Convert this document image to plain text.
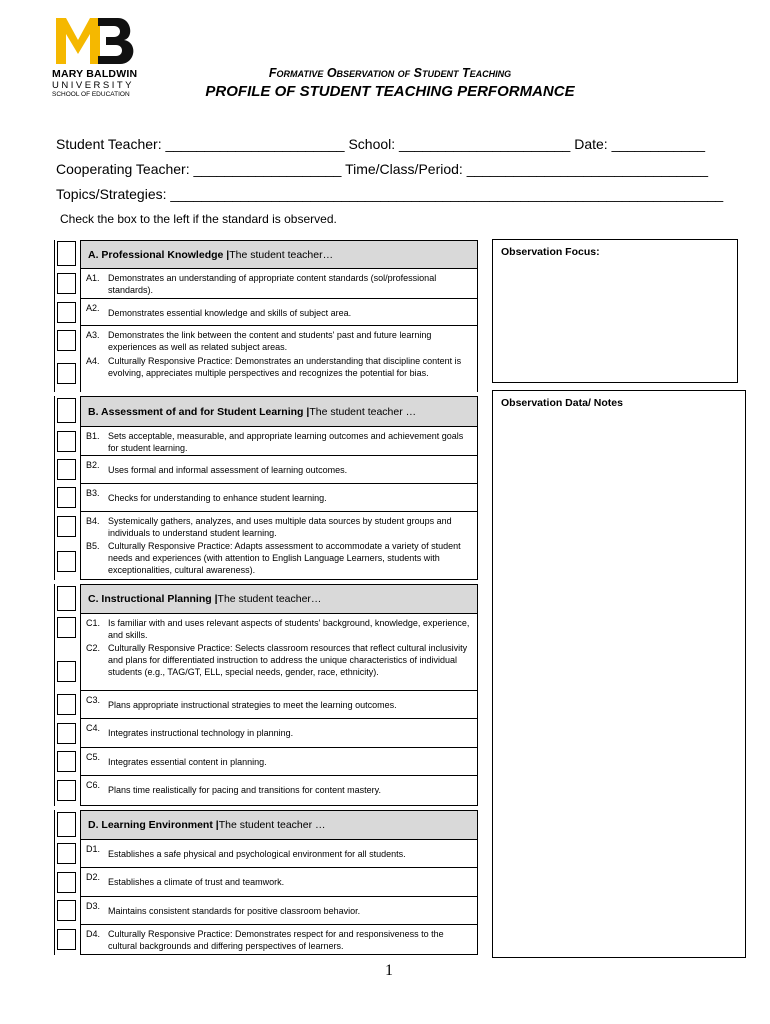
MARY BALDWIN
UNIVERSITY
SCHOOL OF EDUCATION
Formative Observation of Student Teaching
PROFILE OF STUDENT TEACHING PERFORMANCE
Student Teacher: _______________________ School: ______________________ Date: ____________
Cooperating Teacher: ___________________ Time/Class/Period: _______________________________
Topics/Strategies: _______________________________________________________________________
Check the box to the left if the standard is observed.
Observation Focus:
Observation Data/ Notes
A. Professional Knowledge | The student teacher…
A1. Demonstrates an understanding of appropriate content standards (sol/professional standards).
A2. Demonstrates essential knowledge and skills of subject area.
A3. Demonstrates the link between the content and students' past and future learning experiences as well as related subject areas.
A4. Culturally Responsive Practice: Demonstrates an understanding that discipline content is evolving, appreciates multiple perspectives and recognizes the potential for bias.
B. Assessment of and for Student Learning | The student teacher …
B1. Sets acceptable, measurable, and appropriate learning outcomes and achievement goals for student learning.
B2. Uses formal and informal assessment of learning outcomes.
B3. Checks for understanding to enhance student learning.
B4. Systemically gathers, analyzes, and uses multiple data sources by student groups and individuals to understand student learning.
B5. Culturally Responsive Practice: Adapts assessment to accommodate a variety of student needs and experiences (with attention to English Language Learners, students with exceptionalities, cultural awareness).
C. Instructional Planning | The student teacher…
C1. Is familiar with and uses relevant aspects of students' background, knowledge, experience, and skills.
C2. Culturally Responsive Practice: Selects classroom resources that reflect cultural inclusivity and plans for differentiated instruction to address the unique characteristics of individual students (e.g., TAG/GT, ELL, special needs, gender, race, ethnicity).
C3. Plans appropriate instructional strategies to meet the learning outcomes.
C4. Integrates instructional technology in planning.
C5. Integrates essential content in planning.
C6. Plans time realistically for pacing and transitions for content mastery.
D. Learning Environment | The student teacher …
D1. Establishes a safe physical and psychological environment for all students.
D2. Establishes a climate of trust and teamwork.
D3. Maintains consistent standards for positive classroom behavior.
D4. Culturally Responsive Practice: Demonstrates respect for and responsiveness to the cultural backgrounds and differing perspectives of learners.
1
